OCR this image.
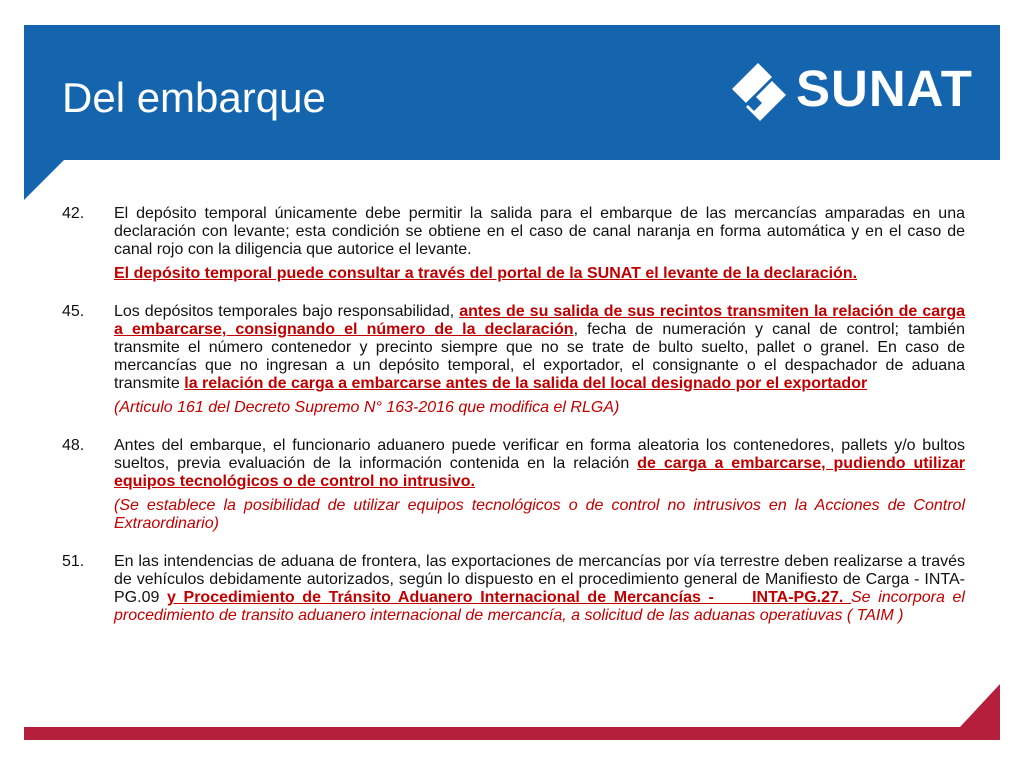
Del embarque	SUNAT
42. El depósito temporal únicamente debe permitir la salida para el embarque de las mercancías amparadas en una declaración con levante; esta condición se obtiene en el caso de canal naranja en forma automática y en el caso de canal rojo con la diligencia que autorice el levante.
El depósito temporal puede consultar a través del portal de la SUNAT el levante de la declaración.
45. Los depósitos temporales bajo responsabilidad, antes de su salida de sus recintos transmiten la relación de carga a embarcarse, consignando el número de la declaración, fecha de numeración y canal de control; también transmite el número contenedor y precinto siempre que no se trate de bulto suelto, pallet o granel. En caso de mercancías que no ingresan a un depósito temporal, el exportador, el consignante o el despachador de aduana transmite la relación de carga a embarcarse antes de la salida del local designado por el exportador
(Articulo 161 del Decreto Supremo N° 163-2016 que modifica el RLGA)
48. Antes del embarque, el funcionario aduanero puede verificar en forma aleatoria los contenedores, pallets y/o bultos sueltos, previa evaluación de la información contenida en la relación de carga a embarcarse, pudiendo utilizar equipos tecnológicos o de control no intrusivo.
(Se establece la posibilidad de utilizar equipos tecnológicos o de control no intrusivos en la Acciones de Control Extraordinario)
51. En las intendencias de aduana de frontera, las exportaciones de mercancías por vía terrestre deben realizarse a través de vehículos debidamente autorizados, según lo dispuesto en el procedimiento general de Manifiesto de Carga - INTA-PG.09 y Procedimiento de Tránsito Aduanero Internacional de Mercancías -     INTA-PG.27. Se incorpora el procedimiento de transito aduanero internacional de mercancía, a solicitud de las aduanas operatiuvas ( TAIM )
